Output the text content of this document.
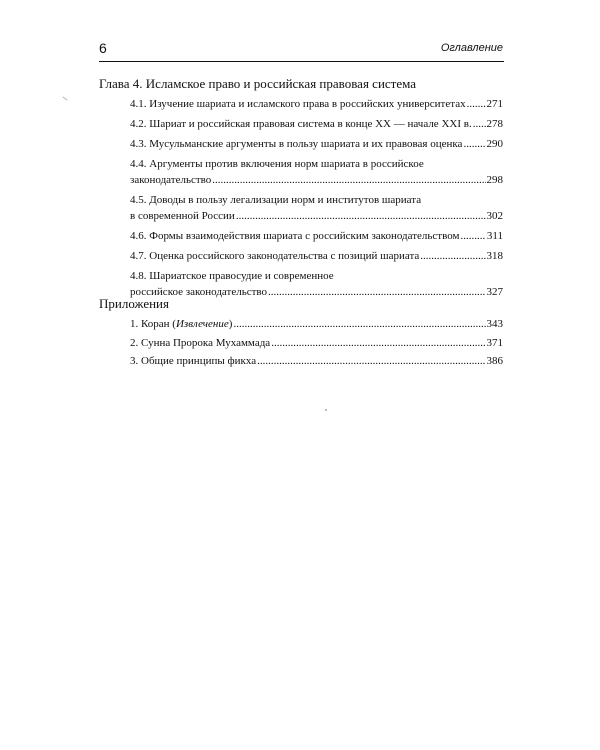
6	Оглавление
Глава 4. Исламское право и российская правовая система
4.1. Изучение шариата и исламского права в российских университетах ..... 271
4.2. Шариат и российская правовая система в конце XX — начале XXI в. ..... 278
4.3. Мусульманские аргументы в пользу шариата и их правовая оценка ..... 290
4.4. Аргументы против включения норм шариата в российское
законодательство .....	298
4.5. Доводы в пользу легализации норм и институтов шариата
в современной России .....	302
4.6. Формы взаимодействия шариата с российским законодательством ..... 311
4.7. Оценка российского законодательства с позиций шариата .....	318
4.8. Шариатское правосудие и современное
российское законодательство .....	327
Приложения
1. Коран (Извлечение) .....	343
2. Сунна Пророка Мухаммада .....	371
3. Общие принципы фикха .....	386
